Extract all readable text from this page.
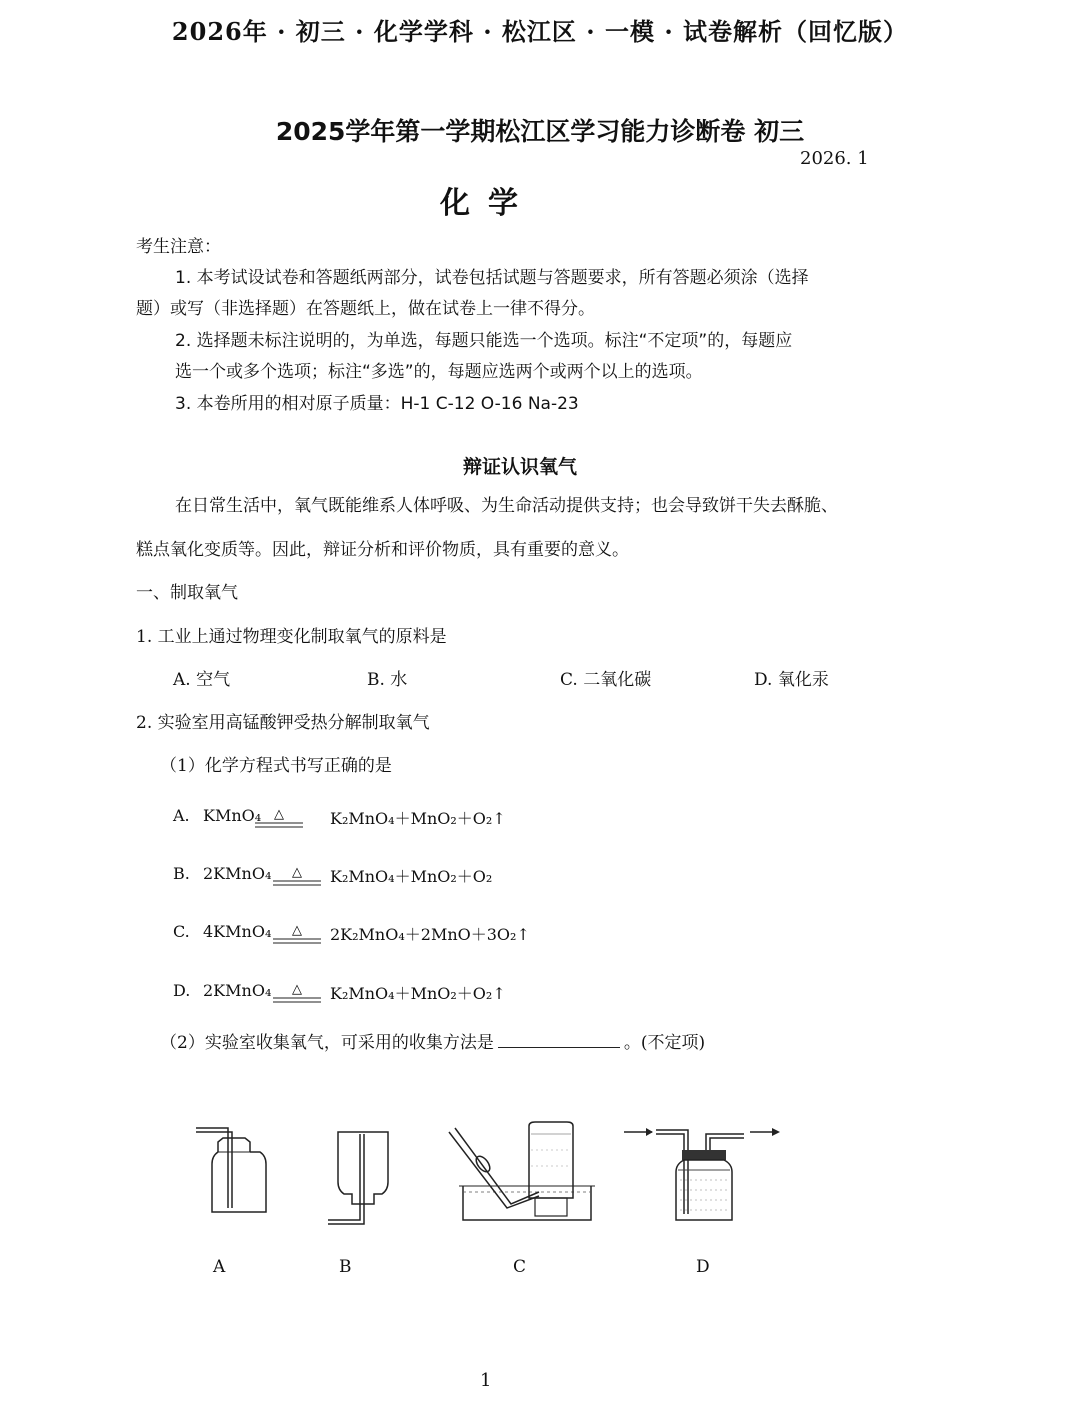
2026年 · 初三 · 化学学科 · 松江区 · 一模 · 试卷解析（回忆版）
2025学年第一学期松江区学习能力诊断卷 初三
2026. 1
化学
考生注意：
1. 本考试设试卷和答题纸两部分，试卷包括试题与答题要求，所有答题必须涂（选择
题）或写（非选择题）在答题纸上，做在试卷上一律不得分。
2. 选择题未标注说明的，为单选，每题只能选一个选项。标注“不定项”的，每题应
选一个或多个选项；标注“多选”的，每题应选两个或两个以上的选项。
3. 本卷所用的相对原子质量：H-1 C-12 O-16 Na-23
辩证认识氧气
在日常生活中，氧气既能维系人体呼吸、为生命活动提供支持；也会导致饼干失去酥脆、
糕点氧化变质等。因此，辩证分析和评价物质，具有重要的意义。
一、制取氧气
1. 工业上通过物理变化制取氧气的原料是
A. 空气	B. 水	C. 二氧化碳	D. 氧化汞
2. 实验室用高锰酸钾受热分解制取氧气
（1）化学方程式书写正确的是
A. KMnO₄ △	K₂MnO₄＋MnO₂＋O₂↑
B. 2KMnO₄ △ K₂MnO₄＋MnO₂＋O₂
C. 4KMnO₄ △ 2K₂MnO₄＋2MnO＋3O₂↑
D. 2KMnO₄ △ K₂MnO₄＋MnO₂＋O₂↑
（2）实验室收集氧气，可采用的收集方法是	。(不定项)
A	B	C	D
1
